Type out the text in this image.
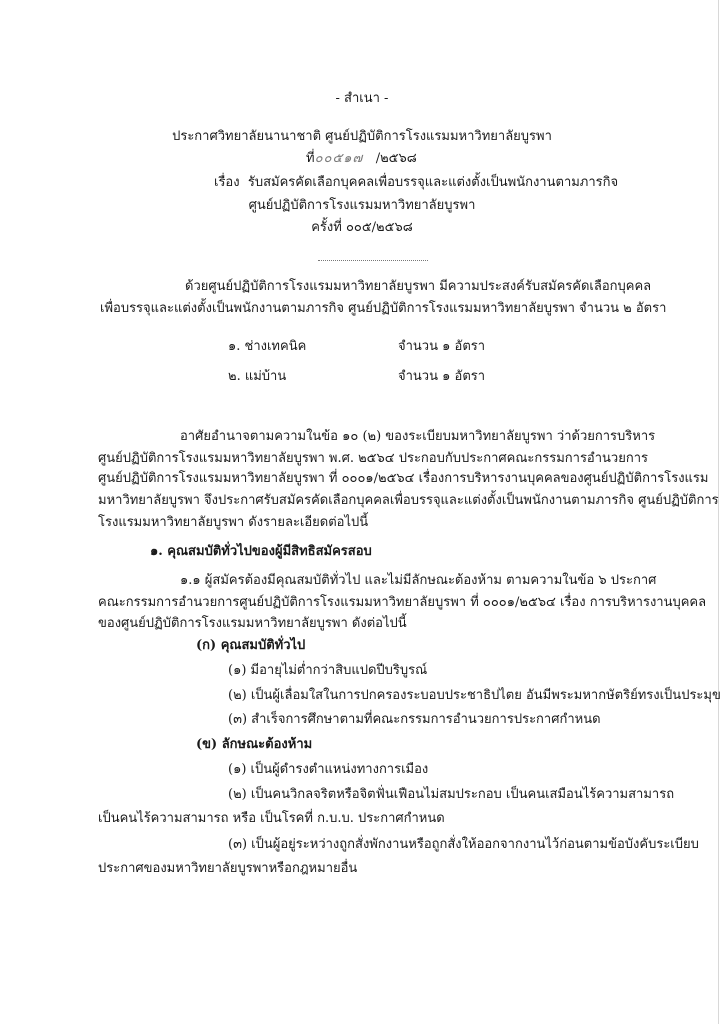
- สำเนา -
ประกาศวิทยาลัยนานาชาติ ศูนย์ปฏิบัติการโรงแรมมหาวิทยาลัยบูรพา
ที่๐๐๕๑๗ /๒๕๖๘
เรื่อง รับสมัครคัดเลือกบุคคลเพื่อบรรจุและแต่งตั้งเป็นพนักงานตามภารกิจ
ศูนย์ปฏิบัติการโรงแรมมหาวิทยาลัยบูรพา
ครั้งที่ ๐๐๕/๒๕๖๘
ด้วยศูนย์ปฏิบัติการโรงแรมมหาวิทยาลัยบูรพา มีความประสงค์รับสมัครคัดเลือกบุคคล
เพื่อบรรจุและแต่งตั้งเป็นพนักงานตามภารกิจ ศูนย์ปฏิบัติการโรงแรมมหาวิทยาลัยบูรพา จำนวน ๒ อัตรา
๑. ช่างเทคนิค	จำนวน ๑ อัตรา
๒. แม่บ้าน	จำนวน ๑ อัตรา
อาศัยอำนาจตามความในข้อ ๑๐ (๒) ของระเบียบมหาวิทยาลัยบูรพา ว่าด้วยการบริหาร
ศูนย์ปฏิบัติการโรงแรมมหาวิทยาลัยบูรพา พ.ศ. ๒๕๖๔ ประกอบกับประกาศคณะกรรมการอำนวยการ
ศูนย์ปฏิบัติการโรงแรมมหาวิทยาลัยบูรพา ที่ ๐๐๐๑/๒๕๖๔ เรื่องการบริหารงานบุคคลของศูนย์ปฏิบัติการโรงแรม
มหาวิทยาลัยบูรพา จึงประกาศรับสมัครคัดเลือกบุคคลเพื่อบรรจุและแต่งตั้งเป็นพนักงานตามภารกิจ ศูนย์ปฏิบัติการ
โรงแรมมหาวิทยาลัยบูรพา ดังรายละเอียดต่อไปนี้
๑. คุณสมบัติทั่วไปของผู้มีสิทธิสมัครสอบ
๑.๑ ผู้สมัครต้องมีคุณสมบัติทั่วไป และไม่มีลักษณะต้องห้าม ตามความในข้อ ๖ ประกาศ
คณะกรรมการอำนวยการศูนย์ปฏิบัติการโรงแรมมหาวิทยาลัยบูรพา ที่ ๐๐๐๑/๒๕๖๔ เรื่อง การบริหารงานบุคคล
ของศูนย์ปฏิบัติการโรงแรมมหาวิทยาลัยบูรพา ดังต่อไปนี้
(ก) คุณสมบัติทั่วไป
(๑) มีอายุไม่ต่ำกว่าสิบแปดปีบริบูรณ์
(๒) เป็นผู้เลื่อมใสในการปกครองระบอบประชาธิปไตย อันมีพระมหากษัตริย์ทรงเป็นประมุข
(๓) สำเร็จการศึกษาตามที่คณะกรรมการอำนวยการประกาศกำหนด
(ข) ลักษณะต้องห้าม
(๑) เป็นผู้ดำรงตำแหน่งทางการเมือง
(๒) เป็นคนวิกลจริตหรือจิตฟั่นเฟือนไม่สมประกอบ เป็นคนเสมือนไร้ความสามารถ
เป็นคนไร้ความสามารถ หรือ เป็นโรคที่ ก.บ.บ. ประกาศกำหนด
(๓) เป็นผู้อยู่ระหว่างถูกสั่งพักงานหรือถูกสั่งให้ออกจากงานไว้ก่อนตามข้อบังคับระเบียบ
ประกาศของมหาวิทยาลัยบูรพาหรือกฎหมายอื่น
